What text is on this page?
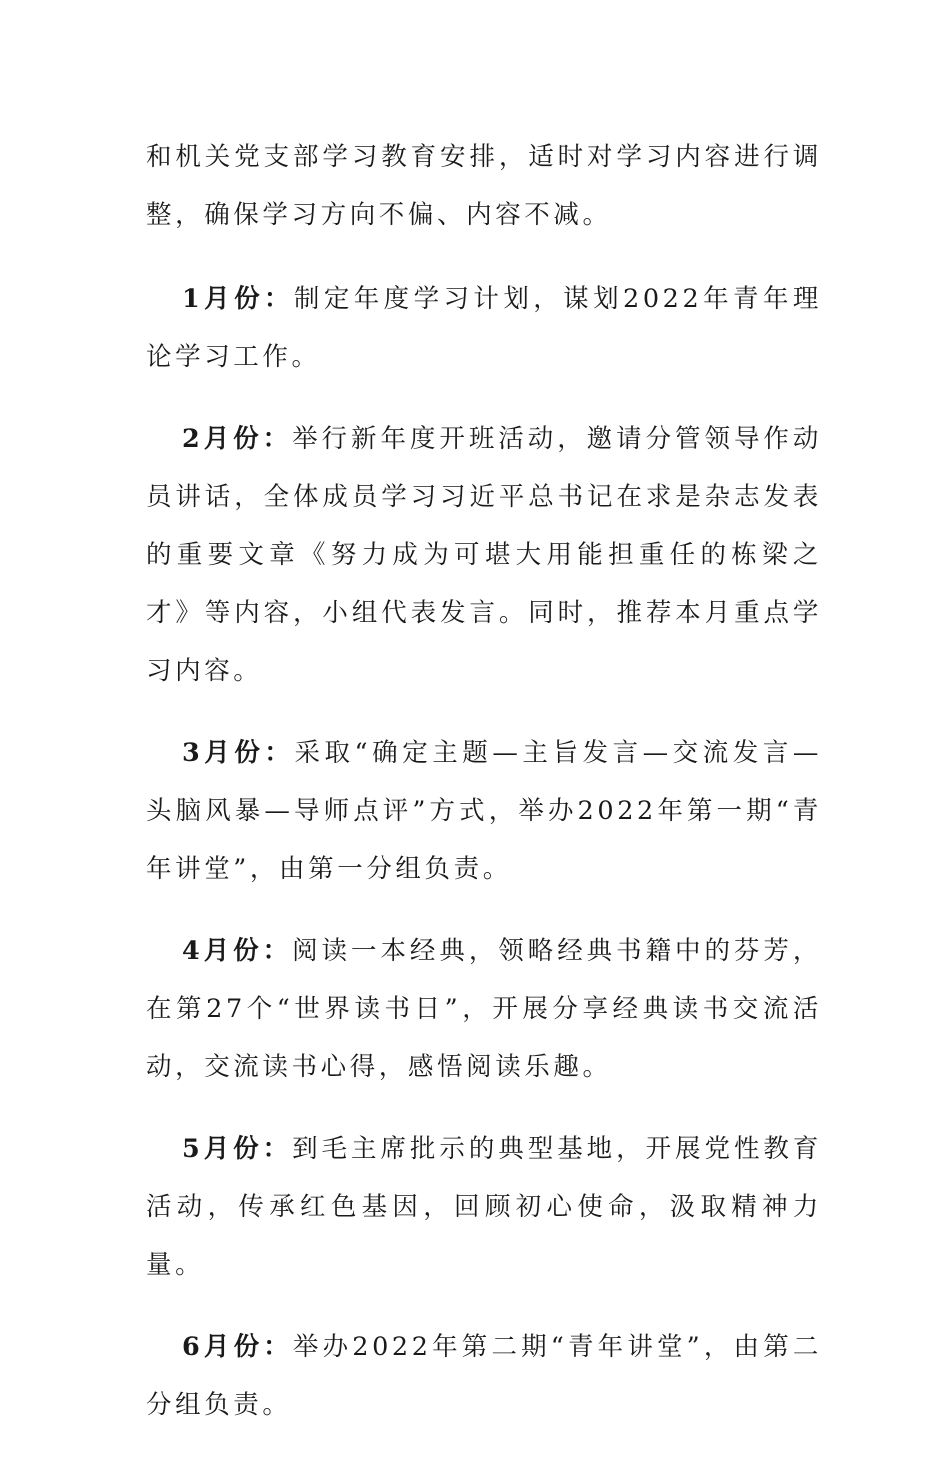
和机关党支部学习教育安排，适时对学习内容进行调整，确保学习方向不偏、内容不减。

1月份：制定年度学习计划，谋划2022年青年理论学习工作。

2月份：举行新年度开班活动，邀请分管领导作动员讲话，全体成员学习习近平总书记在求是杂志发表的重要文章《努力成为可堪大用能担重任的栋梁之才》等内容，小组代表发言。同时，推荐本月重点学习内容。

3月份：采取“确定主题—主旨发言—交流发言—头脑风暴—导师点评”方式，举办2022年第一期“青年讲堂”，由第一分组负责。

4月份：阅读一本经典，领略经典书籍中的芬芳，在第27个“世界读书日”，开展分享经典读书交流活动，交流读书心得，感悟阅读乐趣。

5月份：到毛主席批示的典型基地，开展党性教育活动，传承红色基因，回顾初心使命，汲取精神力量。

6月份：举办2022年第二期“青年讲堂”，由第二分组负责。
